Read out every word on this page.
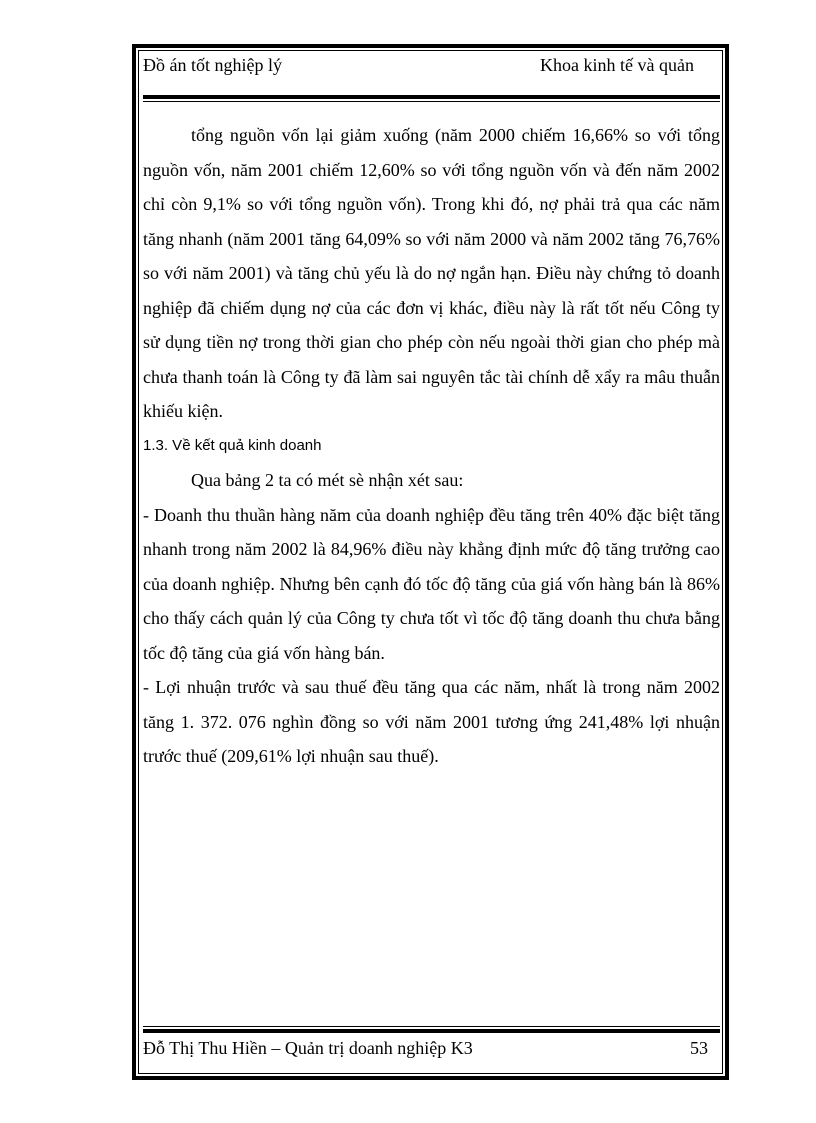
Đồ án tốt nghiệp lý	Khoa kinh tế và quản

tổng nguồn vốn lại giảm xuống (năm 2000 chiếm 16,66% so với tổng nguồn vốn, năm 2001 chiếm 12,60% so với tổng nguồn vốn và đến năm 2002 chỉ còn 9,1% so với tổng nguồn vốn). Trong khi đó, nợ phải trả qua các năm tăng nhanh (năm 2001 tăng 64,09% so với năm 2000 và năm 2002 tăng 76,76% so với năm 2001) và tăng chủ yếu là do nợ ngắn hạn. Điều này chứng tỏ doanh nghiệp đã chiếm dụng nợ của các đơn vị khác, điều này là rất tốt nếu Công ty sử dụng tiền nợ trong thời gian cho phép còn nếu ngoài thời gian cho phép mà chưa thanh toán là Công ty đã làm sai nguyên tắc tài chính dễ xẩy ra mâu thuẫn khiếu kiện.

1.3. Về kết quả kinh doanh

Qua bảng 2 ta có mét sè nhận xét sau:

- Doanh thu thuần hàng năm của doanh nghiệp đều tăng trên 40% đặc biệt tăng nhanh trong năm 2002 là 84,96% điều này khẳng định mức độ tăng trưởng cao của doanh nghiệp. Nhưng bên cạnh đó tốc độ tăng của giá vốn hàng bán là 86% cho thấy cách quản lý của Công ty chưa tốt vì tốc độ tăng doanh thu chưa bằng tốc độ tăng của giá vốn hàng bán.

- Lợi nhuận trước và sau thuế đều tăng qua các năm, nhất là trong năm 2002 tăng 1. 372. 076 nghìn đồng so với năm 2001 tương ứng 241,48% lợi nhuận trước thuế (209,61% lợi nhuận sau thuế).

Đỗ Thị Thu Hiền – Quản trị doanh nghiệp K3	53
